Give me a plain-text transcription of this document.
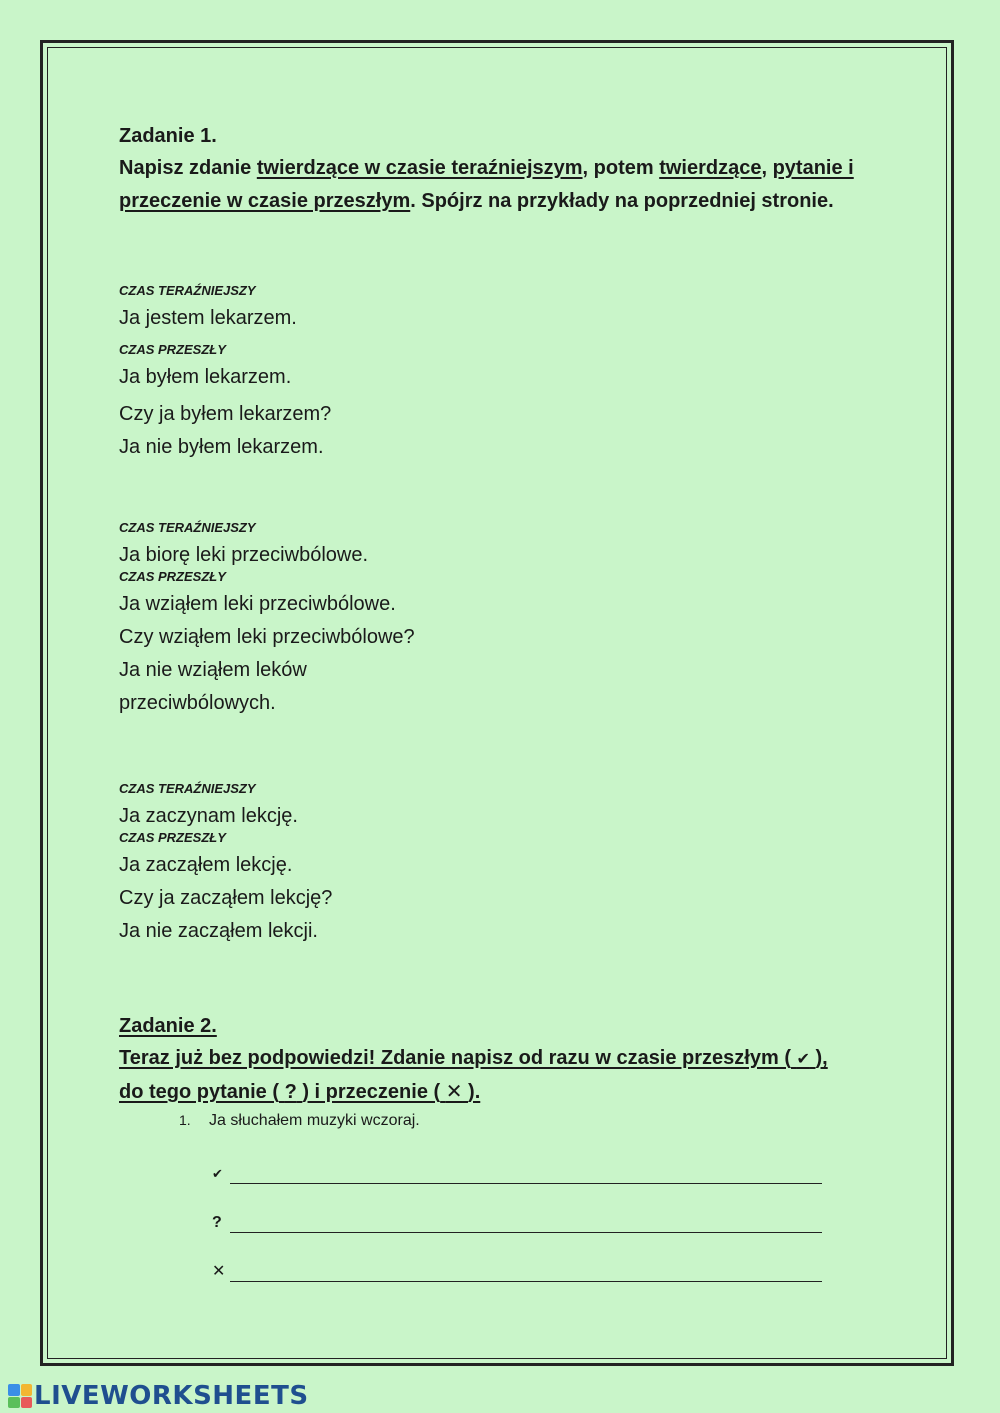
Zadanie 1.
Napisz zdanie twierdzące w czasie teraźniejszym, potem twierdzące, pytanie i przeczenie w czasie przeszłym. Spójrz na przykłady na poprzedniej stronie.
CZAS TERAŹNIEJSZY
Ja jestem lekarzem.
CZAS PRZESZŁY
Ja byłem lekarzem.
Czy ja byłem lekarzem?
Ja nie byłem lekarzem.
CZAS TERAŹNIEJSZY
Ja biorę leki przeciwbólowe.
CZAS PRZESZŁY
Ja wziąłem leki przeciwbólowe.
Czy wziąłem leki przeciwbólowe?
Ja nie wziąłem leków
przeciwbólowych.
CZAS TERAŹNIEJSZY
Ja zaczynam lekcję.
CZAS PRZESZŁY
Ja zacząłem lekcję.
Czy ja zacząłem lekcję?
Ja nie zacząłem lekcji.
Zadanie 2.
Teraz już bez podpowiedzi! Zdanie napisz od razu w czasie przeszłym ( ✔ ),
do tego pytanie ( ? ) i przeczenie ( ✕ ).
1. Ja słuchałem muzyki wczoraj.
✔
?
✕
LIVEWORKSHEETS
